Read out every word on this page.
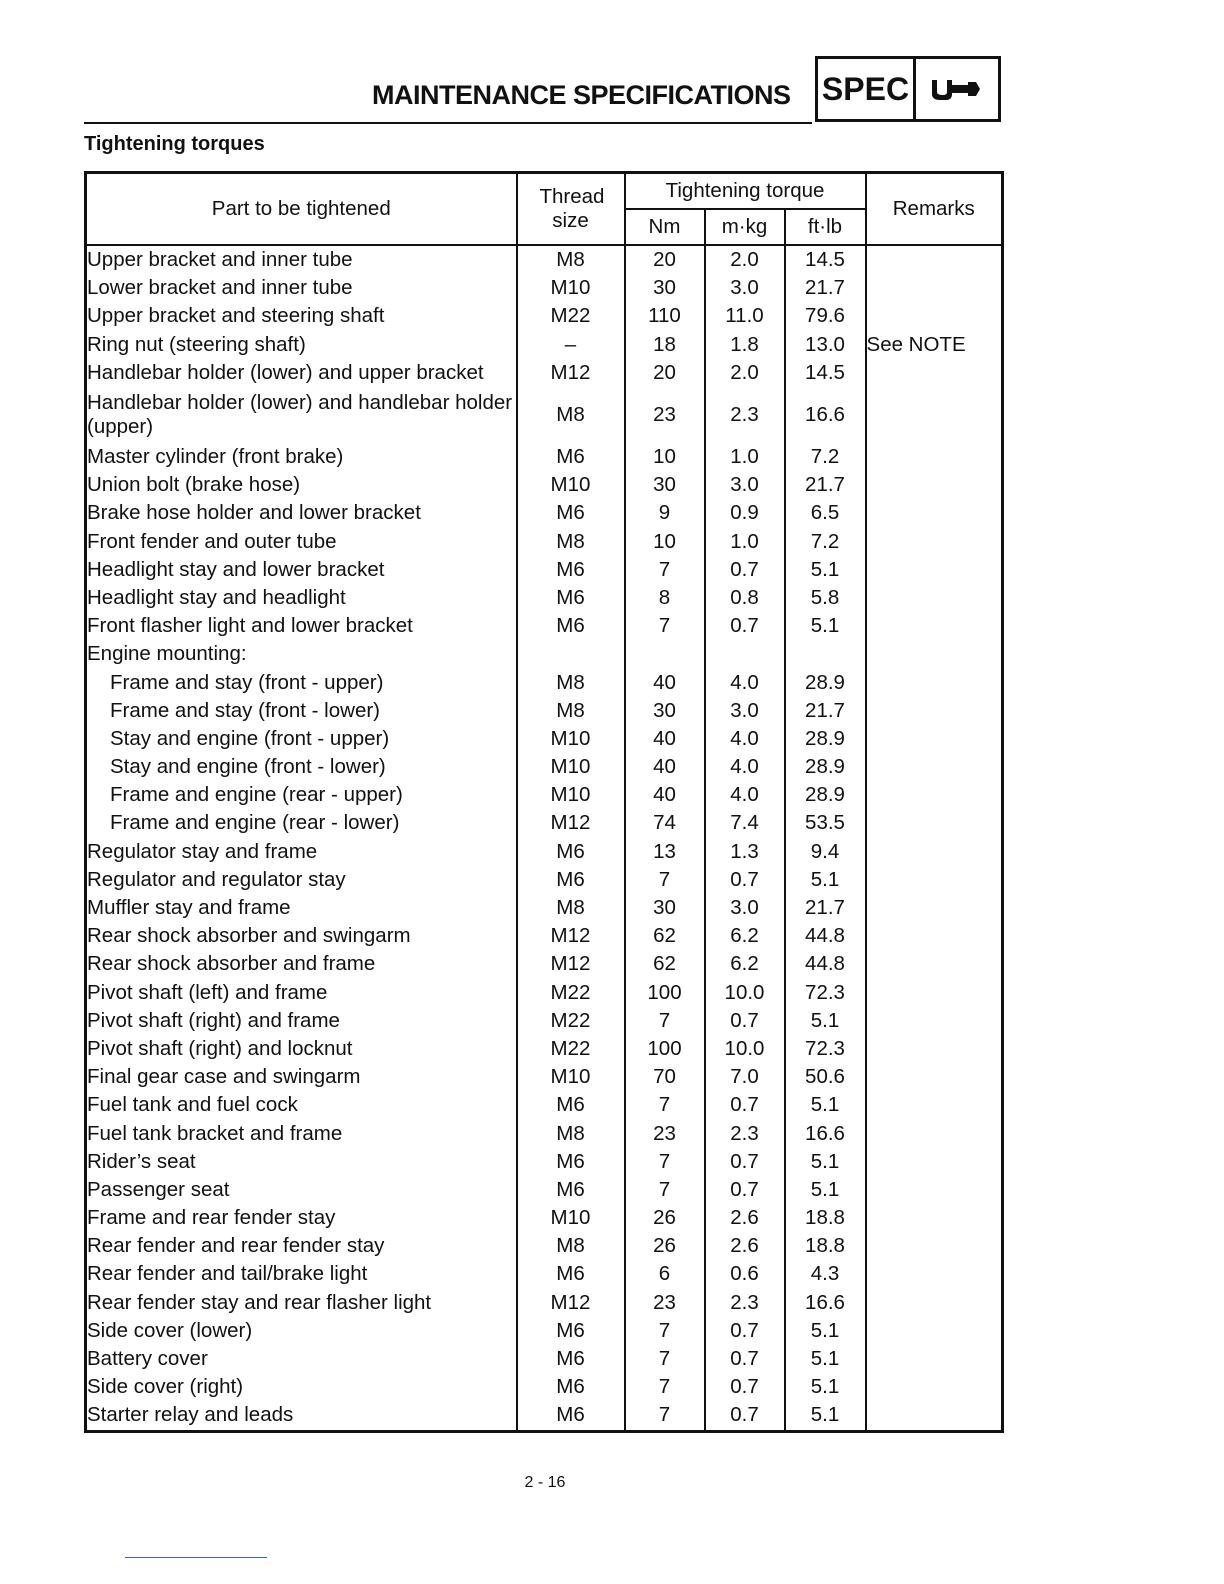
MAINTENANCE SPECIFICATIONS SPEC
Tightening torques
Part to be tightened	Thread size	Tightening torque			Remarks
		Nm	m·kg	ft·lb	
Upper bracket and inner tube	M8	20	2.0	14.5	
Lower bracket and inner tube	M10	30	3.0	21.7	
Upper bracket and steering shaft	M22	110	11.0	79.6	
Ring nut (steering shaft)	–	18	1.8	13.0	See NOTE
Handlebar holder (lower) and upper bracket	M12	20	2.0	14.5	
Handlebar holder (lower) and handlebar holder (upper)	M8	23	2.3	16.6	
Master cylinder (front brake)	M6	10	1.0	7.2	
Union bolt (brake hose)	M10	30	3.0	21.7	
Brake hose holder and lower bracket	M6	9	0.9	6.5	
Front fender and outer tube	M8	10	1.0	7.2	
Headlight stay and lower bracket	M6	7	0.7	5.1	
Headlight stay and headlight	M6	8	0.8	5.8	
Front flasher light and lower bracket	M6	7	0.7	5.1	
Engine mounting:					
Frame and stay (front - upper)	M8	40	4.0	28.9	
Frame and stay (front - lower)	M8	30	3.0	21.7	
Stay and engine (front - upper)	M10	40	4.0	28.9	
Stay and engine (front - lower)	M10	40	4.0	28.9	
Frame and engine (rear - upper)	M10	40	4.0	28.9	
Frame and engine (rear - lower)	M12	74	7.4	53.5	
Regulator stay and frame	M6	13	1.3	9.4	
Regulator and regulator stay	M6	7	0.7	5.1	
Muffler stay and frame	M8	30	3.0	21.7	
Rear shock absorber and swingarm	M12	62	6.2	44.8	
Rear shock absorber and frame	M12	62	6.2	44.8	
Pivot shaft (left) and frame	M22	100	10.0	72.3	
Pivot shaft (right) and frame	M22	7	0.7	5.1	
Pivot shaft (right) and locknut	M22	100	10.0	72.3	
Final gear case and swingarm	M10	70	7.0	50.6	
Fuel tank and fuel cock	M6	7	0.7	5.1	
Fuel tank bracket and frame	M8	23	2.3	16.6	
Rider’s seat	M6	7	0.7	5.1	
Passenger seat	M6	7	0.7	5.1	
Frame and rear fender stay	M10	26	2.6	18.8	
Rear fender and rear fender stay	M8	26	2.6	18.8	
Rear fender and tail/brake light	M6	6	0.6	4.3	
Rear fender stay and rear flasher light	M12	23	2.3	16.6	
Side cover (lower)	M6	7	0.7	5.1	
Battery cover	M6	7	0.7	5.1	
Side cover (right)	M6	7	0.7	5.1	
Starter relay and leads	M6	7	0.7	5.1	
2 - 16
